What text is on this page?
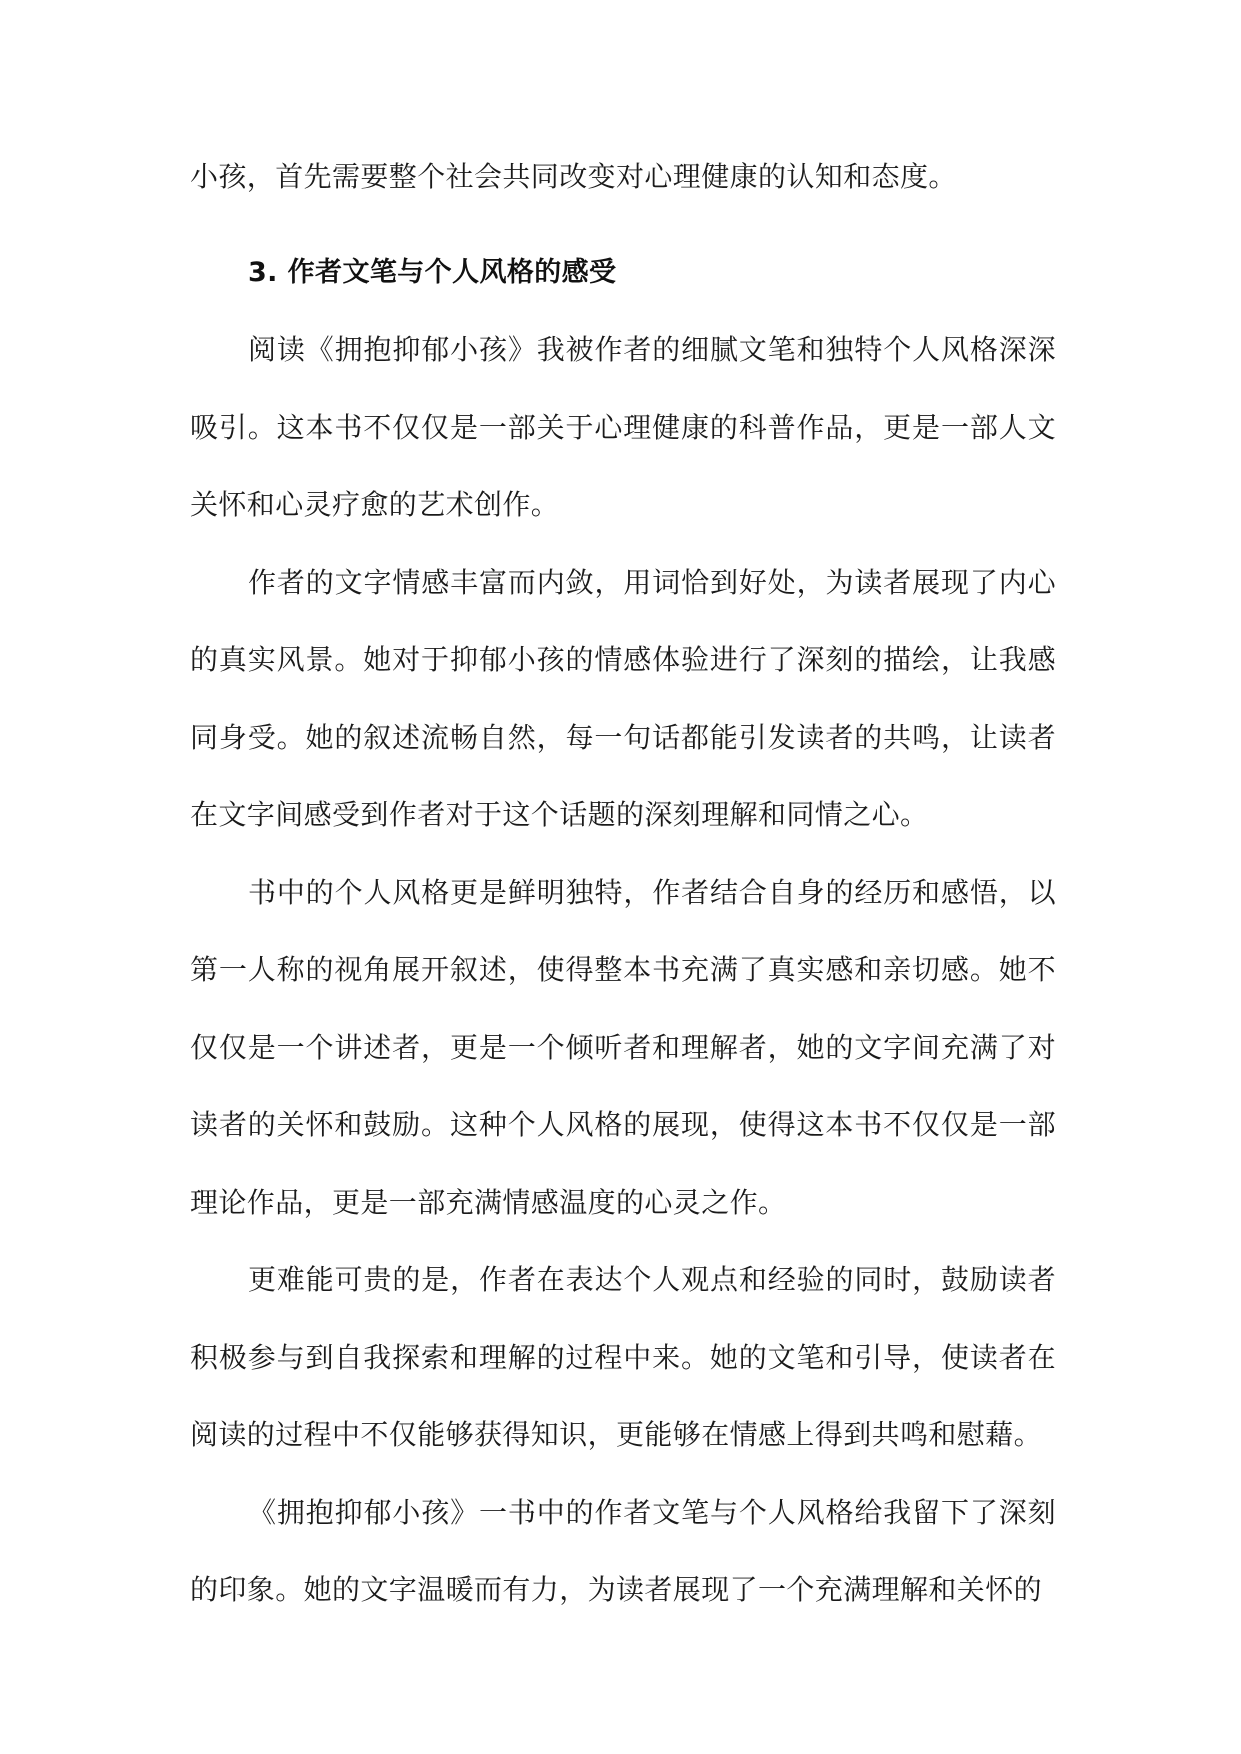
小孩，首先需要整个社会共同改变对心理健康的认知和态度。

3. 作者文笔与个人风格的感受

阅读《拥抱抑郁小孩》我被作者的细腻文笔和独特个人风格深深吸引。这本书不仅仅是一部关于心理健康的科普作品，更是一部人文关怀和心灵疗愈的艺术创作。

作者的文字情感丰富而内敛，用词恰到好处，为读者展现了内心的真实风景。她对于抑郁小孩的情感体验进行了深刻的描绘，让我感同身受。她的叙述流畅自然，每一句话都能引发读者的共鸣，让读者在文字间感受到作者对于这个话题的深刻理解和同情之心。

书中的个人风格更是鲜明独特，作者结合自身的经历和感悟，以第一人称的视角展开叙述，使得整本书充满了真实感和亲切感。她不仅仅是一个讲述者，更是一个倾听者和理解者，她的文字间充满了对读者的关怀和鼓励。这种个人风格的展现，使得这本书不仅仅是一部理论作品，更是一部充满情感温度的心灵之作。

更难能可贵的是，作者在表达个人观点和经验的同时，鼓励读者积极参与到自我探索和理解的过程中来。她的文笔和引导，使读者在阅读的过程中不仅能够获得知识，更能够在情感上得到共鸣和慰藉。

《拥抱抑郁小孩》一书中的作者文笔与个人风格给我留下了深刻的印象。她的文字温暖而有力，为读者展现了一个充满理解和关怀的
